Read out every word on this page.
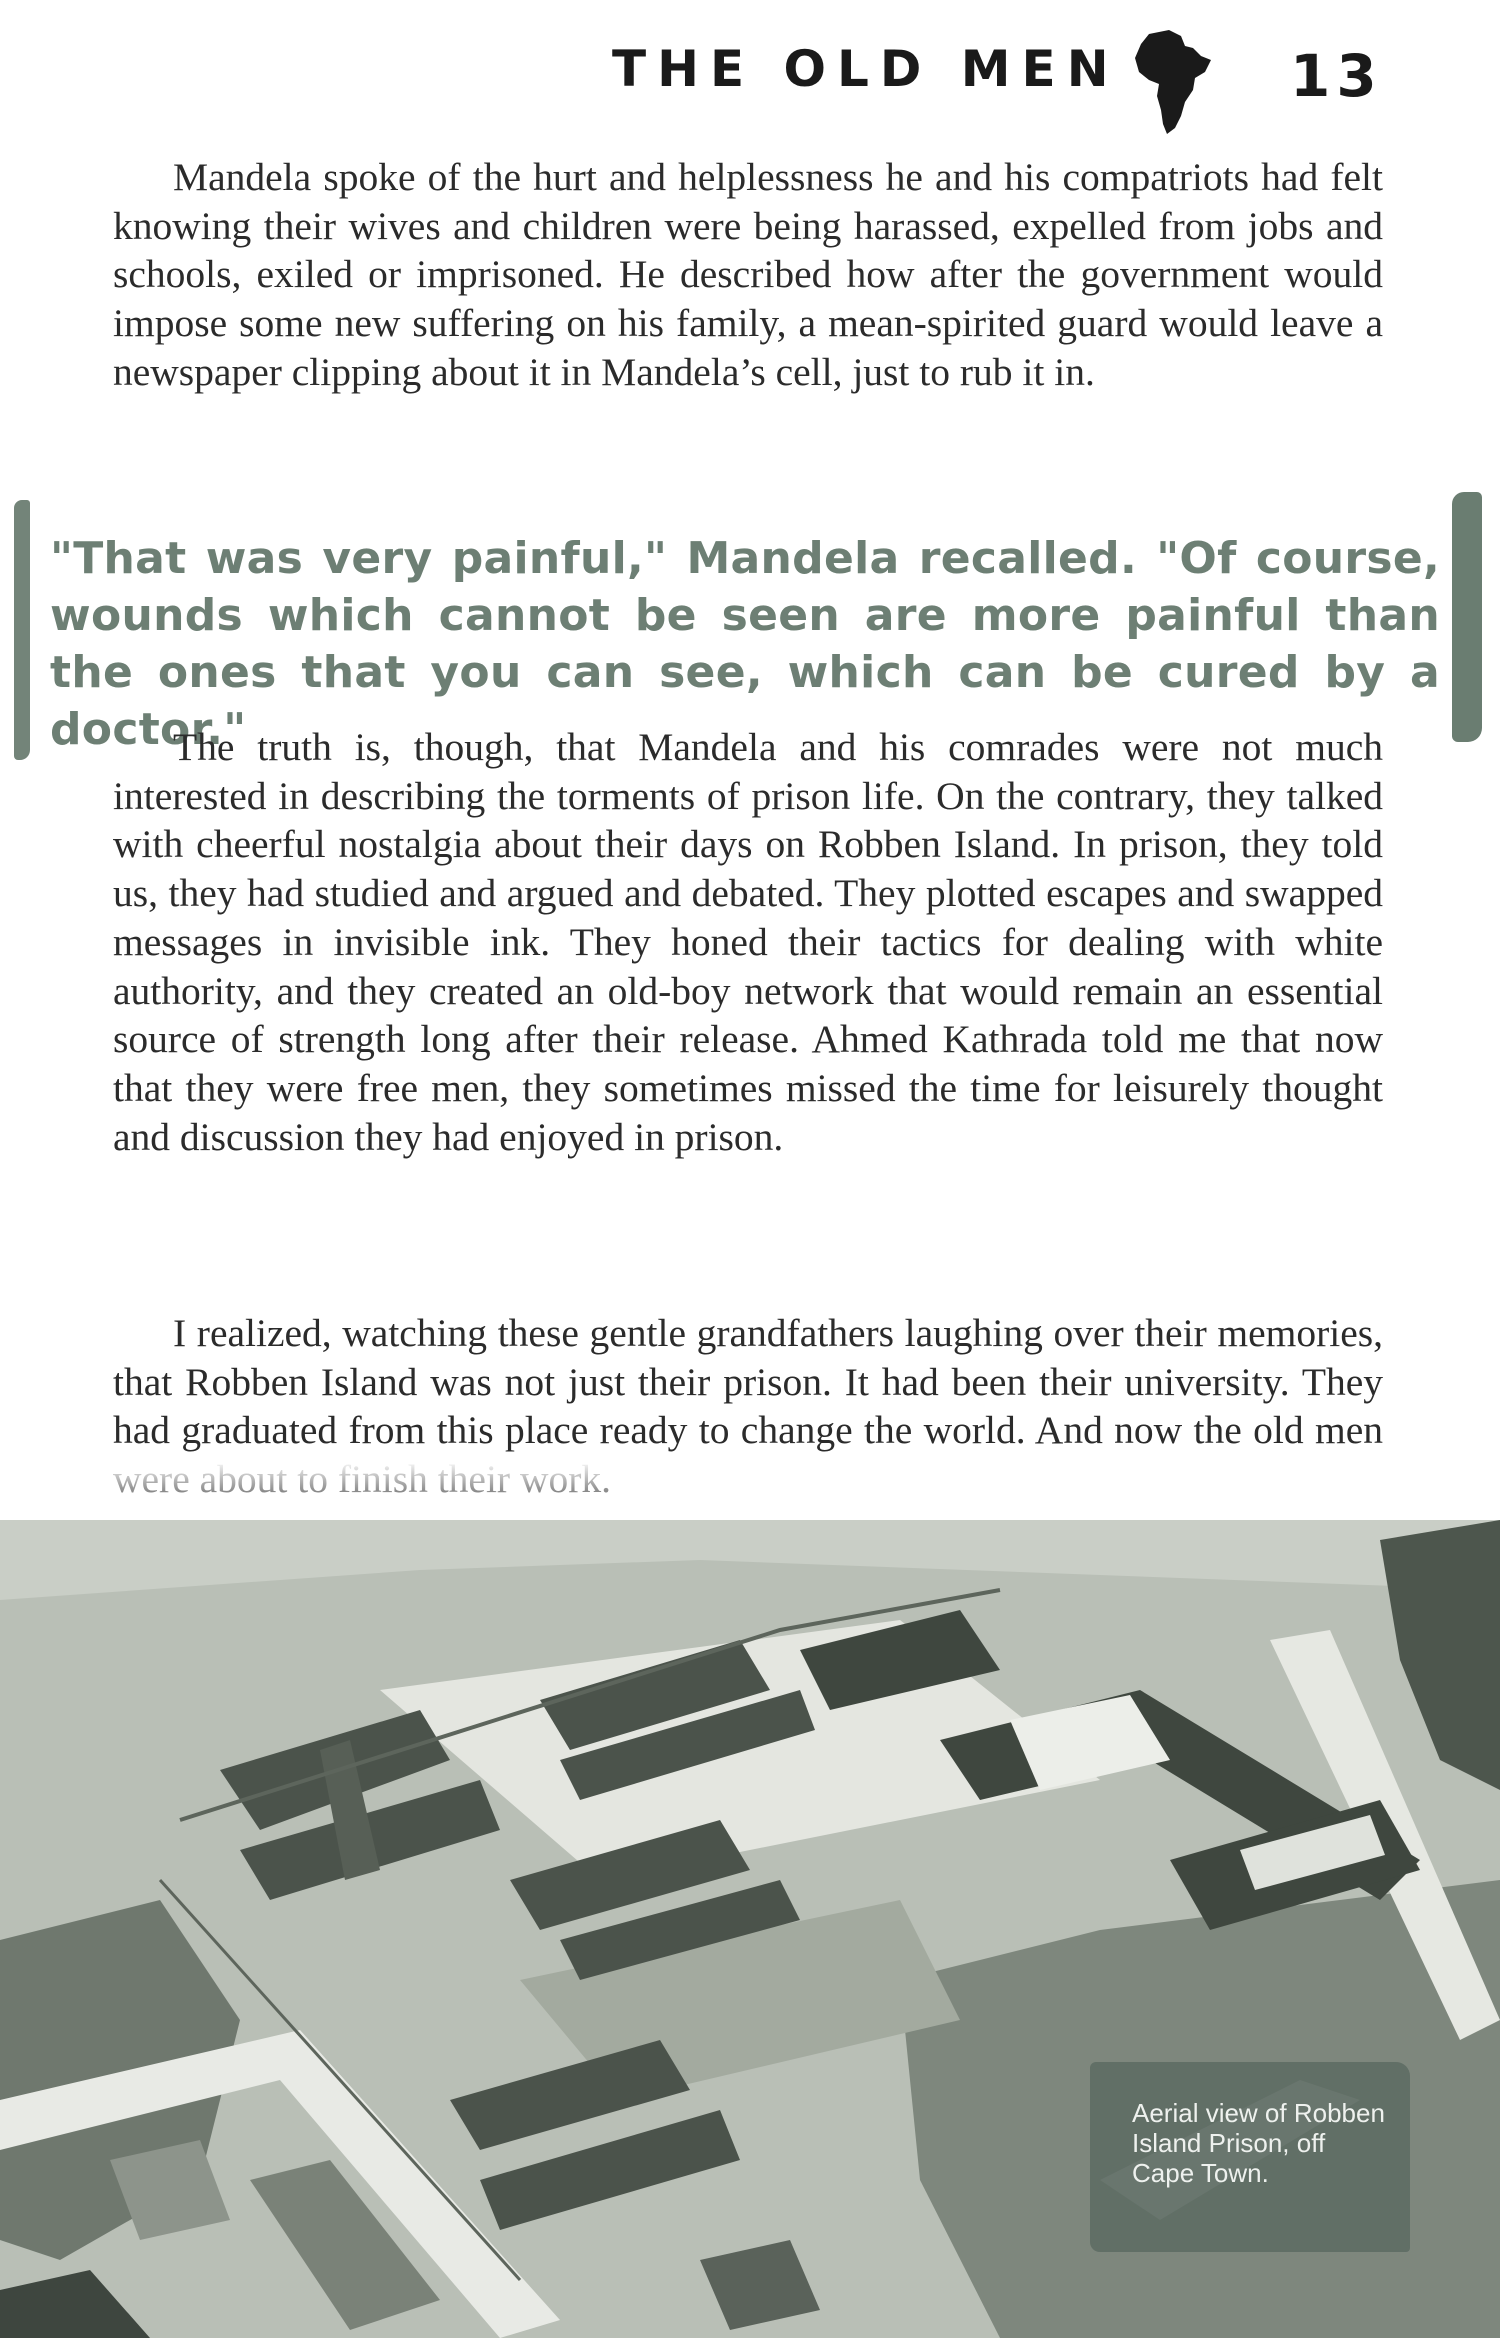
THE OLD MEN	13

Mandela spoke of the hurt and helplessness he and his compatriots had felt knowing their wives and children were being harassed, expelled from jobs and schools, exiled or imprisoned. He described how after the government would impose some new suffering on his family, a mean-spirited guard would leave a newspaper clipping about it in Mandela’s cell, just to rub it in.

"That was very painful," Mandela recalled. "Of course, wounds which cannot be seen are more painful than the ones that you can see, which can be cured by a doctor."

The truth is, though, that Mandela and his comrades were not much interested in describing the torments of prison life. On the contrary, they talked with cheerful nostalgia about their days on Robben Island. In prison, they told us, they had studied and argued and debated. They plotted escapes and swapped messages in invisible ink. They honed their tactics for dealing with white authority, and they created an old-boy network that would remain an essential source of strength long after their release. Ahmed Kathrada told me that now that they were free men, they sometimes missed the time for leisurely thought and discussion they had enjoyed in prison.

I realized, watching these gentle grandfathers laughing over their memories, that Robben Island was not just their prison. It had been their university. They had graduated from this place ready to change the world. And now the old men

Aerial view of Robben Island Prison, off Cape Town.
